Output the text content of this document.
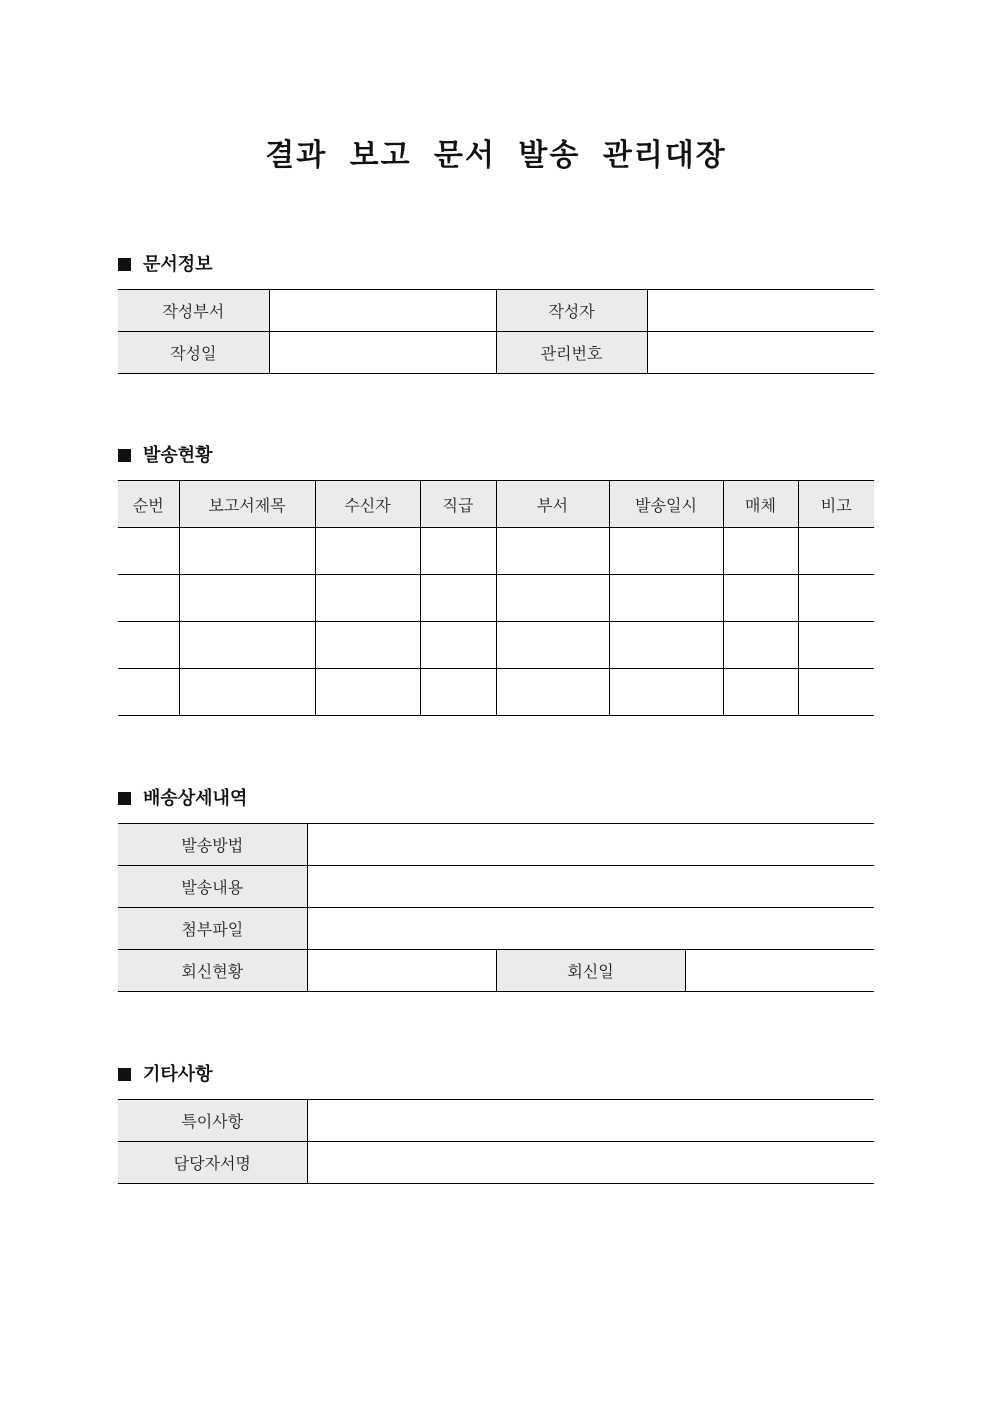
결과 보고 문서 발송 관리대장
문서정보
작성부서		작성자	
작성일		관리번호	
발송현황
순번	보고서제목	수신자	직급	부서	발송일시	매체	비고

배송상세내역
발송방법			
발송내용			
첨부파일			
회신현황		회신일	
기타사항
특이사항	
담당자서명	
